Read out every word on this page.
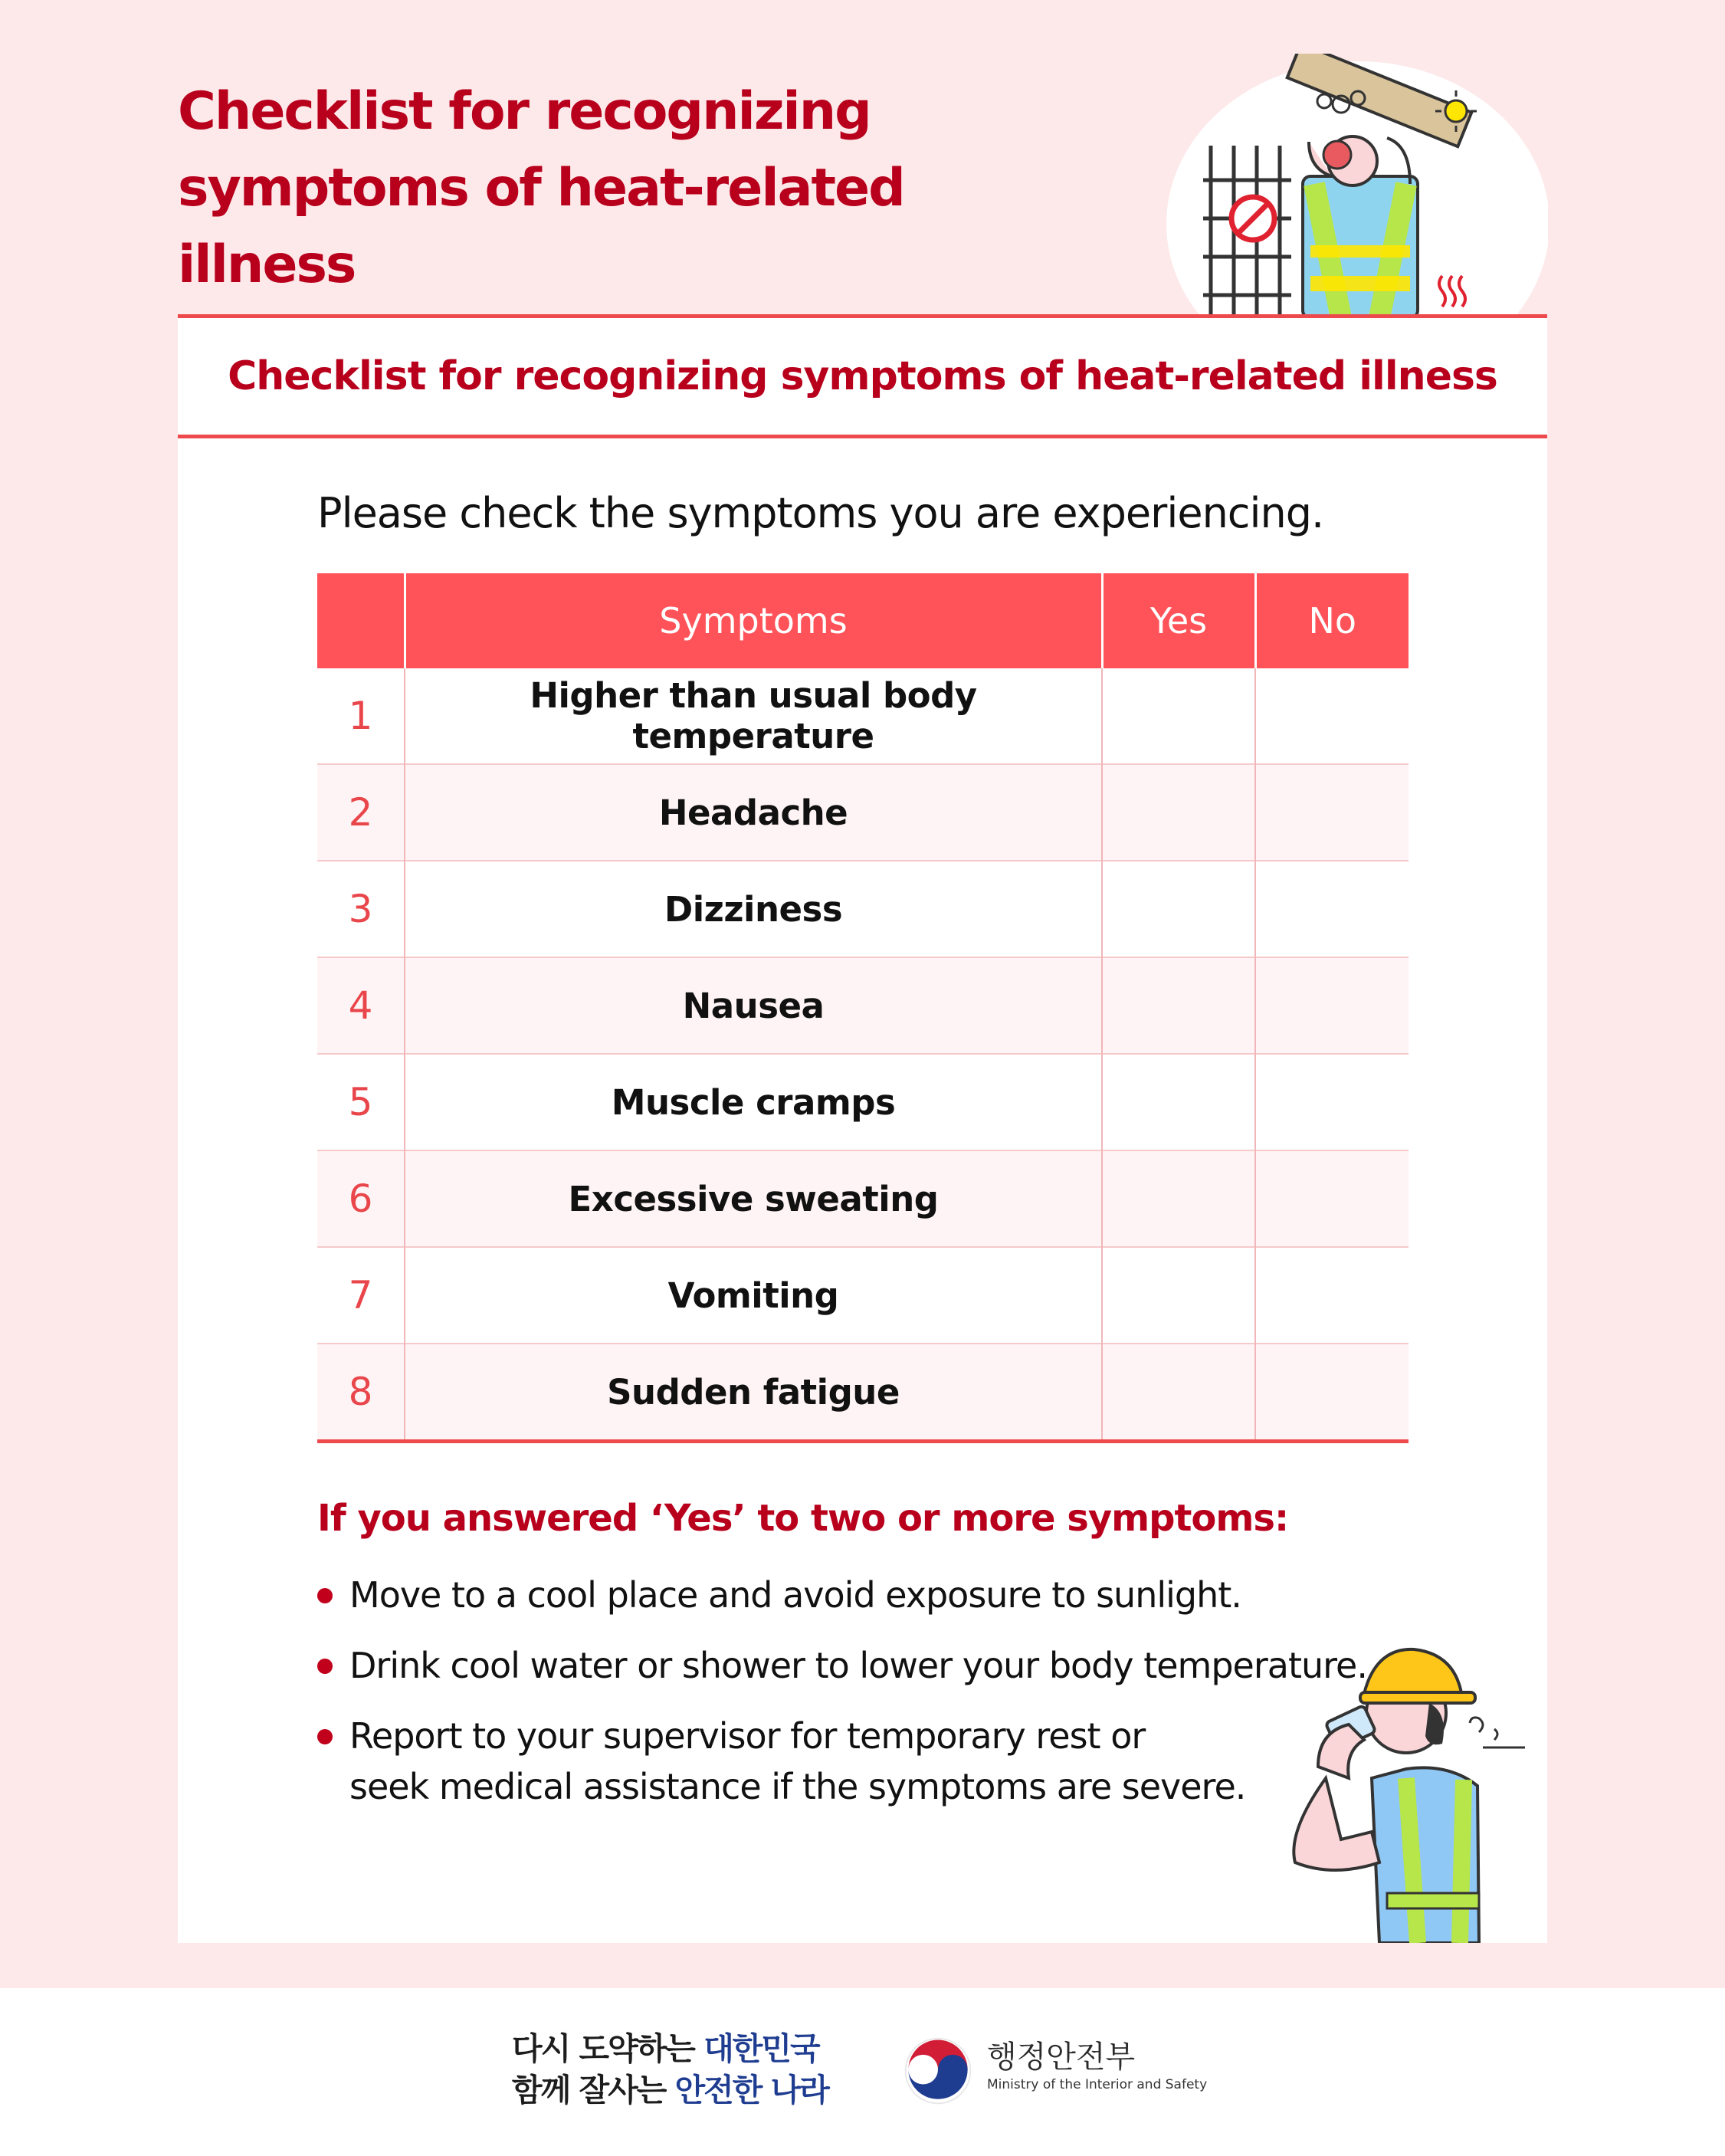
Checklist for recognizing
symptoms of heat-related illness

Checklist for recognizing symptoms of heat-related illness
Please check the symptoms you are experiencing.
	Symptoms	Yes	No
1	Higher than usual body temperature		
2	Headache		
3	Dizziness		
4	Nausea		
5	Muscle cramps		
6	Excessive sweating		
7	Vomiting		
8	Sudden fatigue		
If you answered ‘Yes’ to two or more symptoms:
Move to a cool place and avoid exposure to sunlight.
Drink cool water or shower to lower your body temperature.
Report to your supervisor for temporary rest or
seek medical assistance if the symptoms are severe.
다시 도약하는 대한민국
함께 잘사는 안전한 나라
행정안전부
Ministry of the Interior and Safety
